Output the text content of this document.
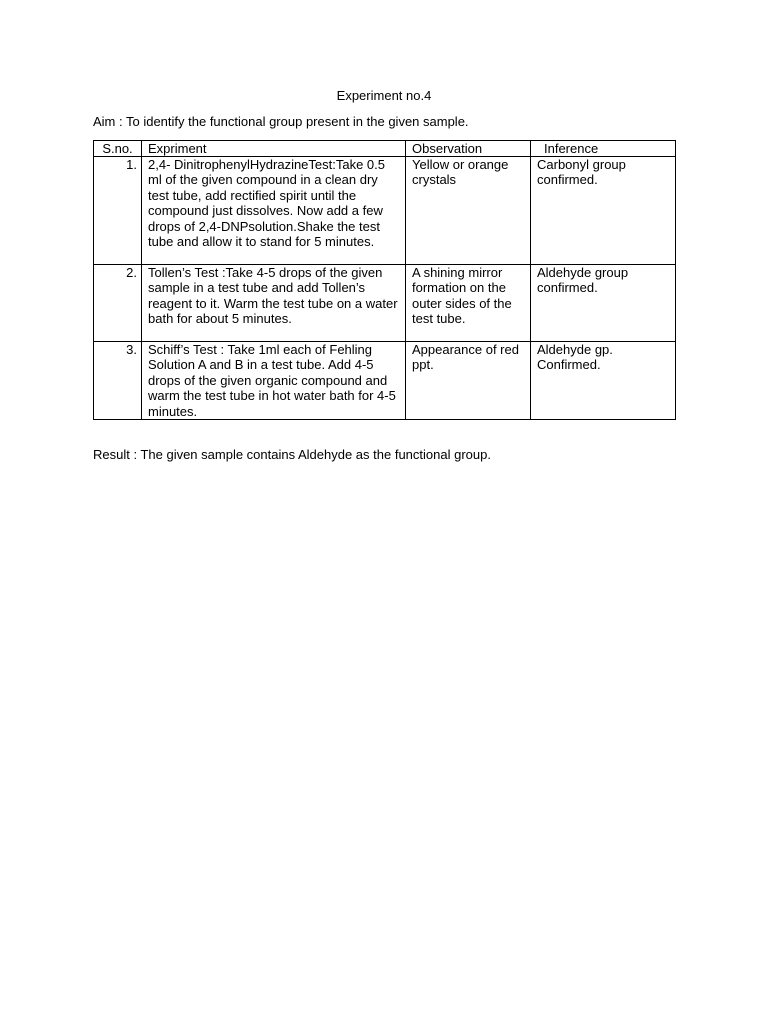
Experiment no.4
Aim : To identify the functional group present in the given sample.
S.no.	Expriment	Observation	Inference
1.	2,4- DinitrophenylHydrazineTest:Take 0.5 ml of the given compound in a clean dry test tube, add rectified spirit until the compound just dissolves. Now add a few drops of 2,4-DNPsolution.Shake the test tube and allow it to stand for 5 minutes.	Yellow or orange crystals	Carbonyl group confirmed.
2.	Tollen’s Test :Take 4-5 drops of the given sample in a test tube and add Tollen’s reagent to it. Warm the test tube on a water bath for about 5 minutes.	A shining mirror formation on the outer sides of the test tube.	Aldehyde group confirmed.
3.	Schiff’s Test : Take 1ml each of Fehling Solution A and B in a test tube. Add 4-5 drops of the given organic compound and warm the test tube in hot water bath for 4-5 minutes.	Appearance of red ppt.	Aldehyde gp. Confirmed.
Result : The given sample contains Aldehyde as the functional group.
